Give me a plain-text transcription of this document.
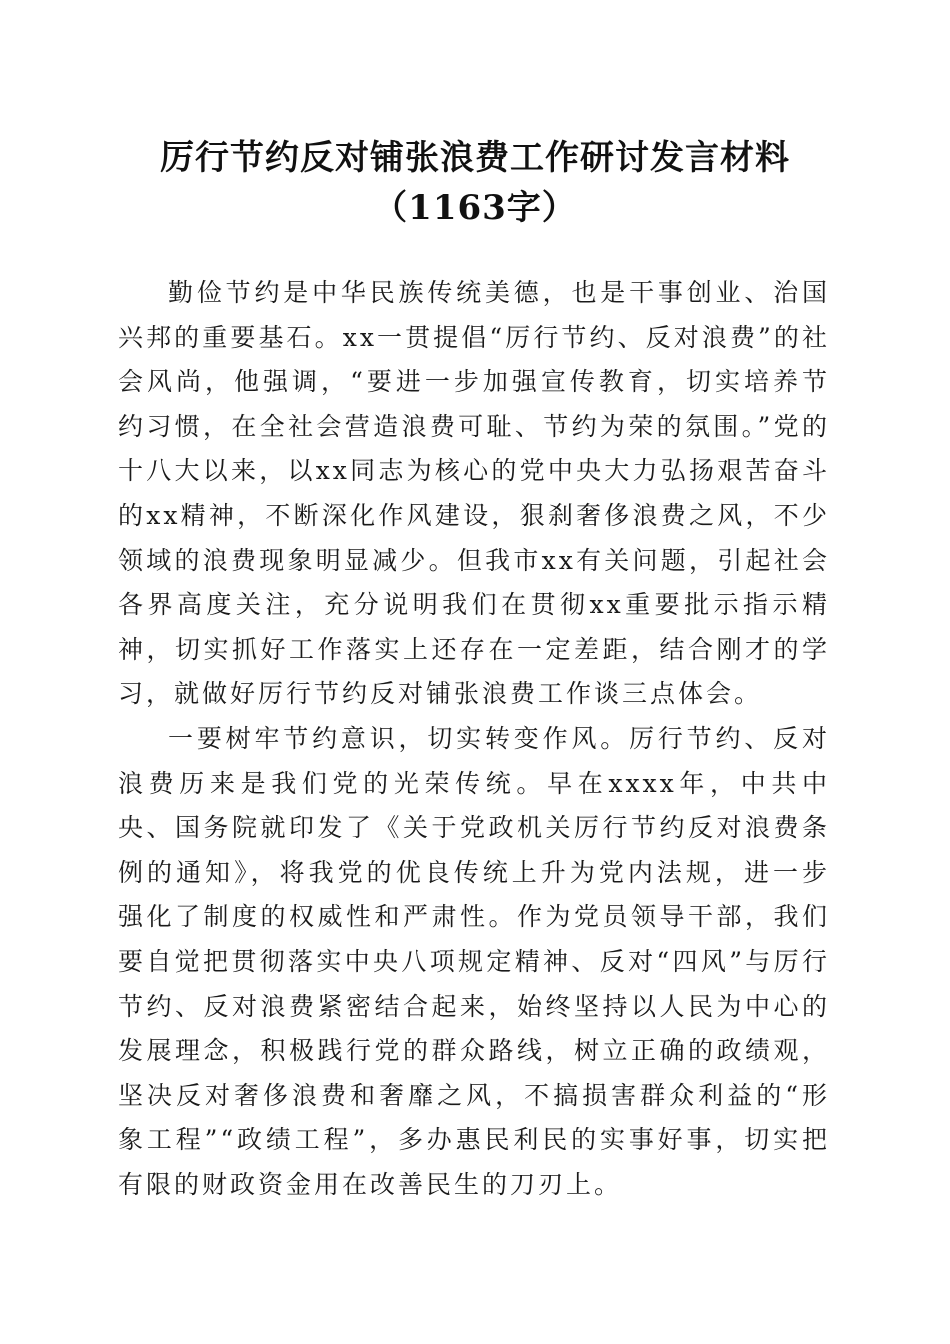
厉行节约反对铺张浪费工作研讨发言材料
（1163字）

勤俭节约是中华民族传统美德，也是干事创业、治国兴邦的重要基石。xx一贯提倡“厉行节约、反对浪费”的社会风尚，他强调，“要进一步加强宣传教育，切实培养节约习惯，在全社会营造浪费可耻、节约为荣的氛围。”党的十八大以来，以xx同志为核心的党中央大力弘扬艰苦奋斗的xx精神，不断深化作风建设，狠刹奢侈浪费之风，不少领域的浪费现象明显减少。但我市xx有关问题，引起社会各界高度关注，充分说明我们在贯彻xx重要批示指示精神，切实抓好工作落实上还存在一定差距，结合刚才的学习，就做好厉行节约反对铺张浪费工作谈三点体会。

一要树牢节约意识，切实转变作风。厉行节约、反对浪费历来是我们党的光荣传统。早在xxxx年，中共中央、国务院就印发了《关于党政机关厉行节约反对浪费条例的通知》，将我党的优良传统上升为党内法规，进一步强化了制度的权威性和严肃性。作为党员领导干部，我们要自觉把贯彻落实中央八项规定精神、反对“四风”与厉行节约、反对浪费紧密结合起来，始终坚持以人民为中心的发展理念，积极践行党的群众路线，树立正确的政绩观，坚决反对奢侈浪费和奢靡之风，不搞损害群众利益的“形象工程”“政绩工程”，多办惠民利民的实事好事，切实把有限的财政资金用在改善民生的刀刃上。
